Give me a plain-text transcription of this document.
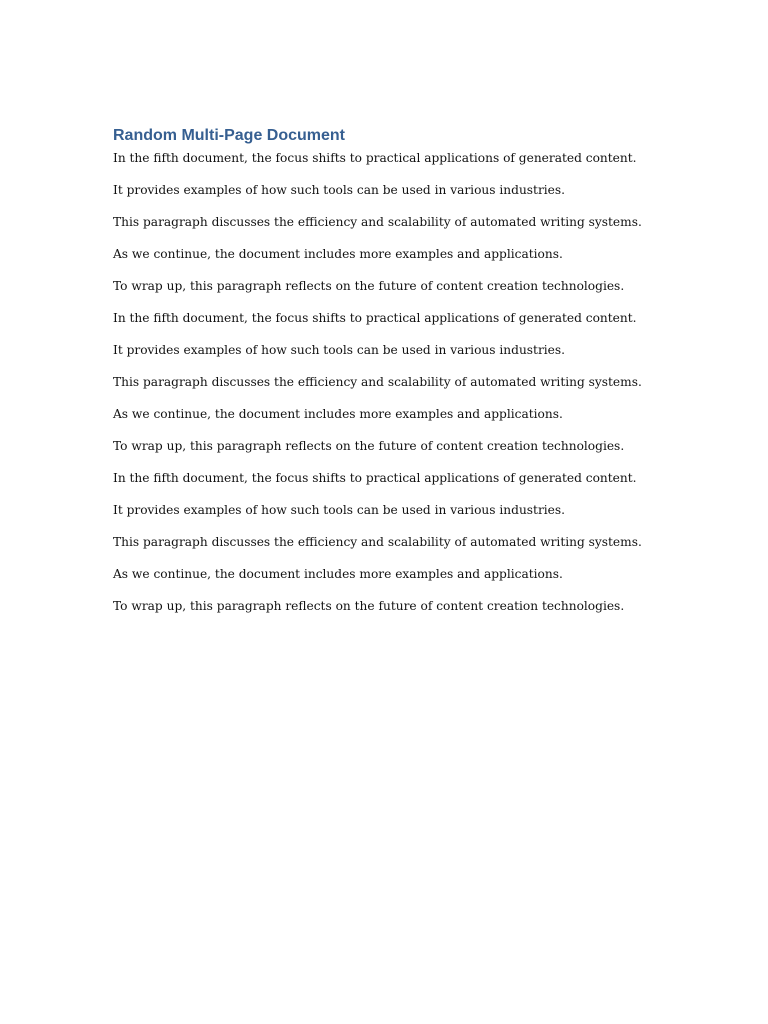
Random Multi-Page Document

In the fifth document, the focus shifts to practical applications of generated content.

It provides examples of how such tools can be used in various industries.

This paragraph discusses the efficiency and scalability of automated writing systems.

As we continue, the document includes more examples and applications.

To wrap up, this paragraph reflects on the future of content creation technologies.

In the fifth document, the focus shifts to practical applications of generated content.

It provides examples of how such tools can be used in various industries.

This paragraph discusses the efficiency and scalability of automated writing systems.

As we continue, the document includes more examples and applications.

To wrap up, this paragraph reflects on the future of content creation technologies.

In the fifth document, the focus shifts to practical applications of generated content.

It provides examples of how such tools can be used in various industries.

This paragraph discusses the efficiency and scalability of automated writing systems.

As we continue, the document includes more examples and applications.

To wrap up, this paragraph reflects on the future of content creation technologies.
